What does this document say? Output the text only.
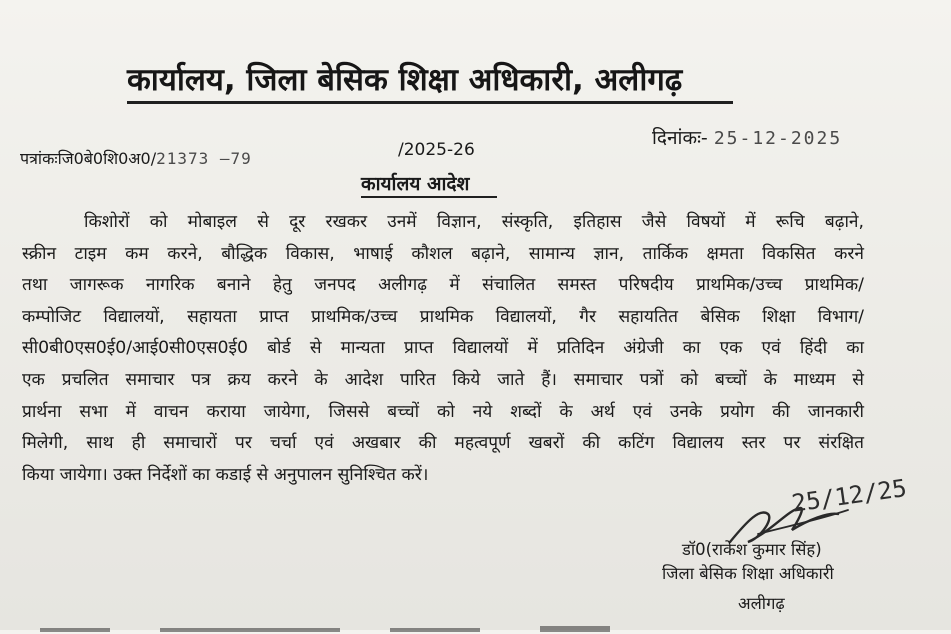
कार्यालय, जिला बेसिक शिक्षा अधिकारी, अलीगढ़
पत्रांकःजि0बे0शि0अ0/21373 –79	/2025-26
दिनांकः- 25-12-2025
कार्यालय आदेश
किशोरों को मोबाइल से दूर रखकर उनमें विज्ञान, संस्कृति, इतिहास जैसे विषयों में रूचि बढ़ाने,
स्क्रीन टाइम कम करने, बौद्धिक विकास, भाषाई कौशल बढ़ाने, सामान्य ज्ञान, तार्किक क्षमता विकसित करने
तथा जागरूक नागरिक बनाने हेतु जनपद अलीगढ़ में संचालित समस्त परिषदीय प्राथमिक/उच्च प्राथमिक/
कम्पोजिट विद्यालयों, सहायता प्राप्त प्राथमिक/उच्च प्राथमिक विद्यालयों, गैर सहायतित बेसिक शिक्षा विभाग/
सी0बी0एस0ई0/आई0सी0एस0ई0 बोर्ड से मान्यता प्राप्त विद्यालयों में प्रतिदिन अंग्रेजी का एक एवं हिंदी का
एक प्रचलित समाचार पत्र क्रय करने के आदेश पारित किये जाते हैं। समाचार पत्रों को बच्चों के माध्यम से
प्रार्थना सभा में वाचन कराया जायेगा, जिससे बच्चों को नये शब्दों के अर्थ एवं उनके प्रयोग की जानकारी
मिलेगी, साथ ही समाचारों पर चर्चा एवं अखबार की महत्वपूर्ण खबरों की कटिंग विद्यालय स्तर पर संरक्षित
किया जायेगा। उक्त निर्देशों का कडाई से अनुपालन सुनिश्चित करें।	25/12/25
डॉ0(राकेश कुमार सिंह)
जिला बेसिक शिक्षा अधिकारी
अलीगढ़
